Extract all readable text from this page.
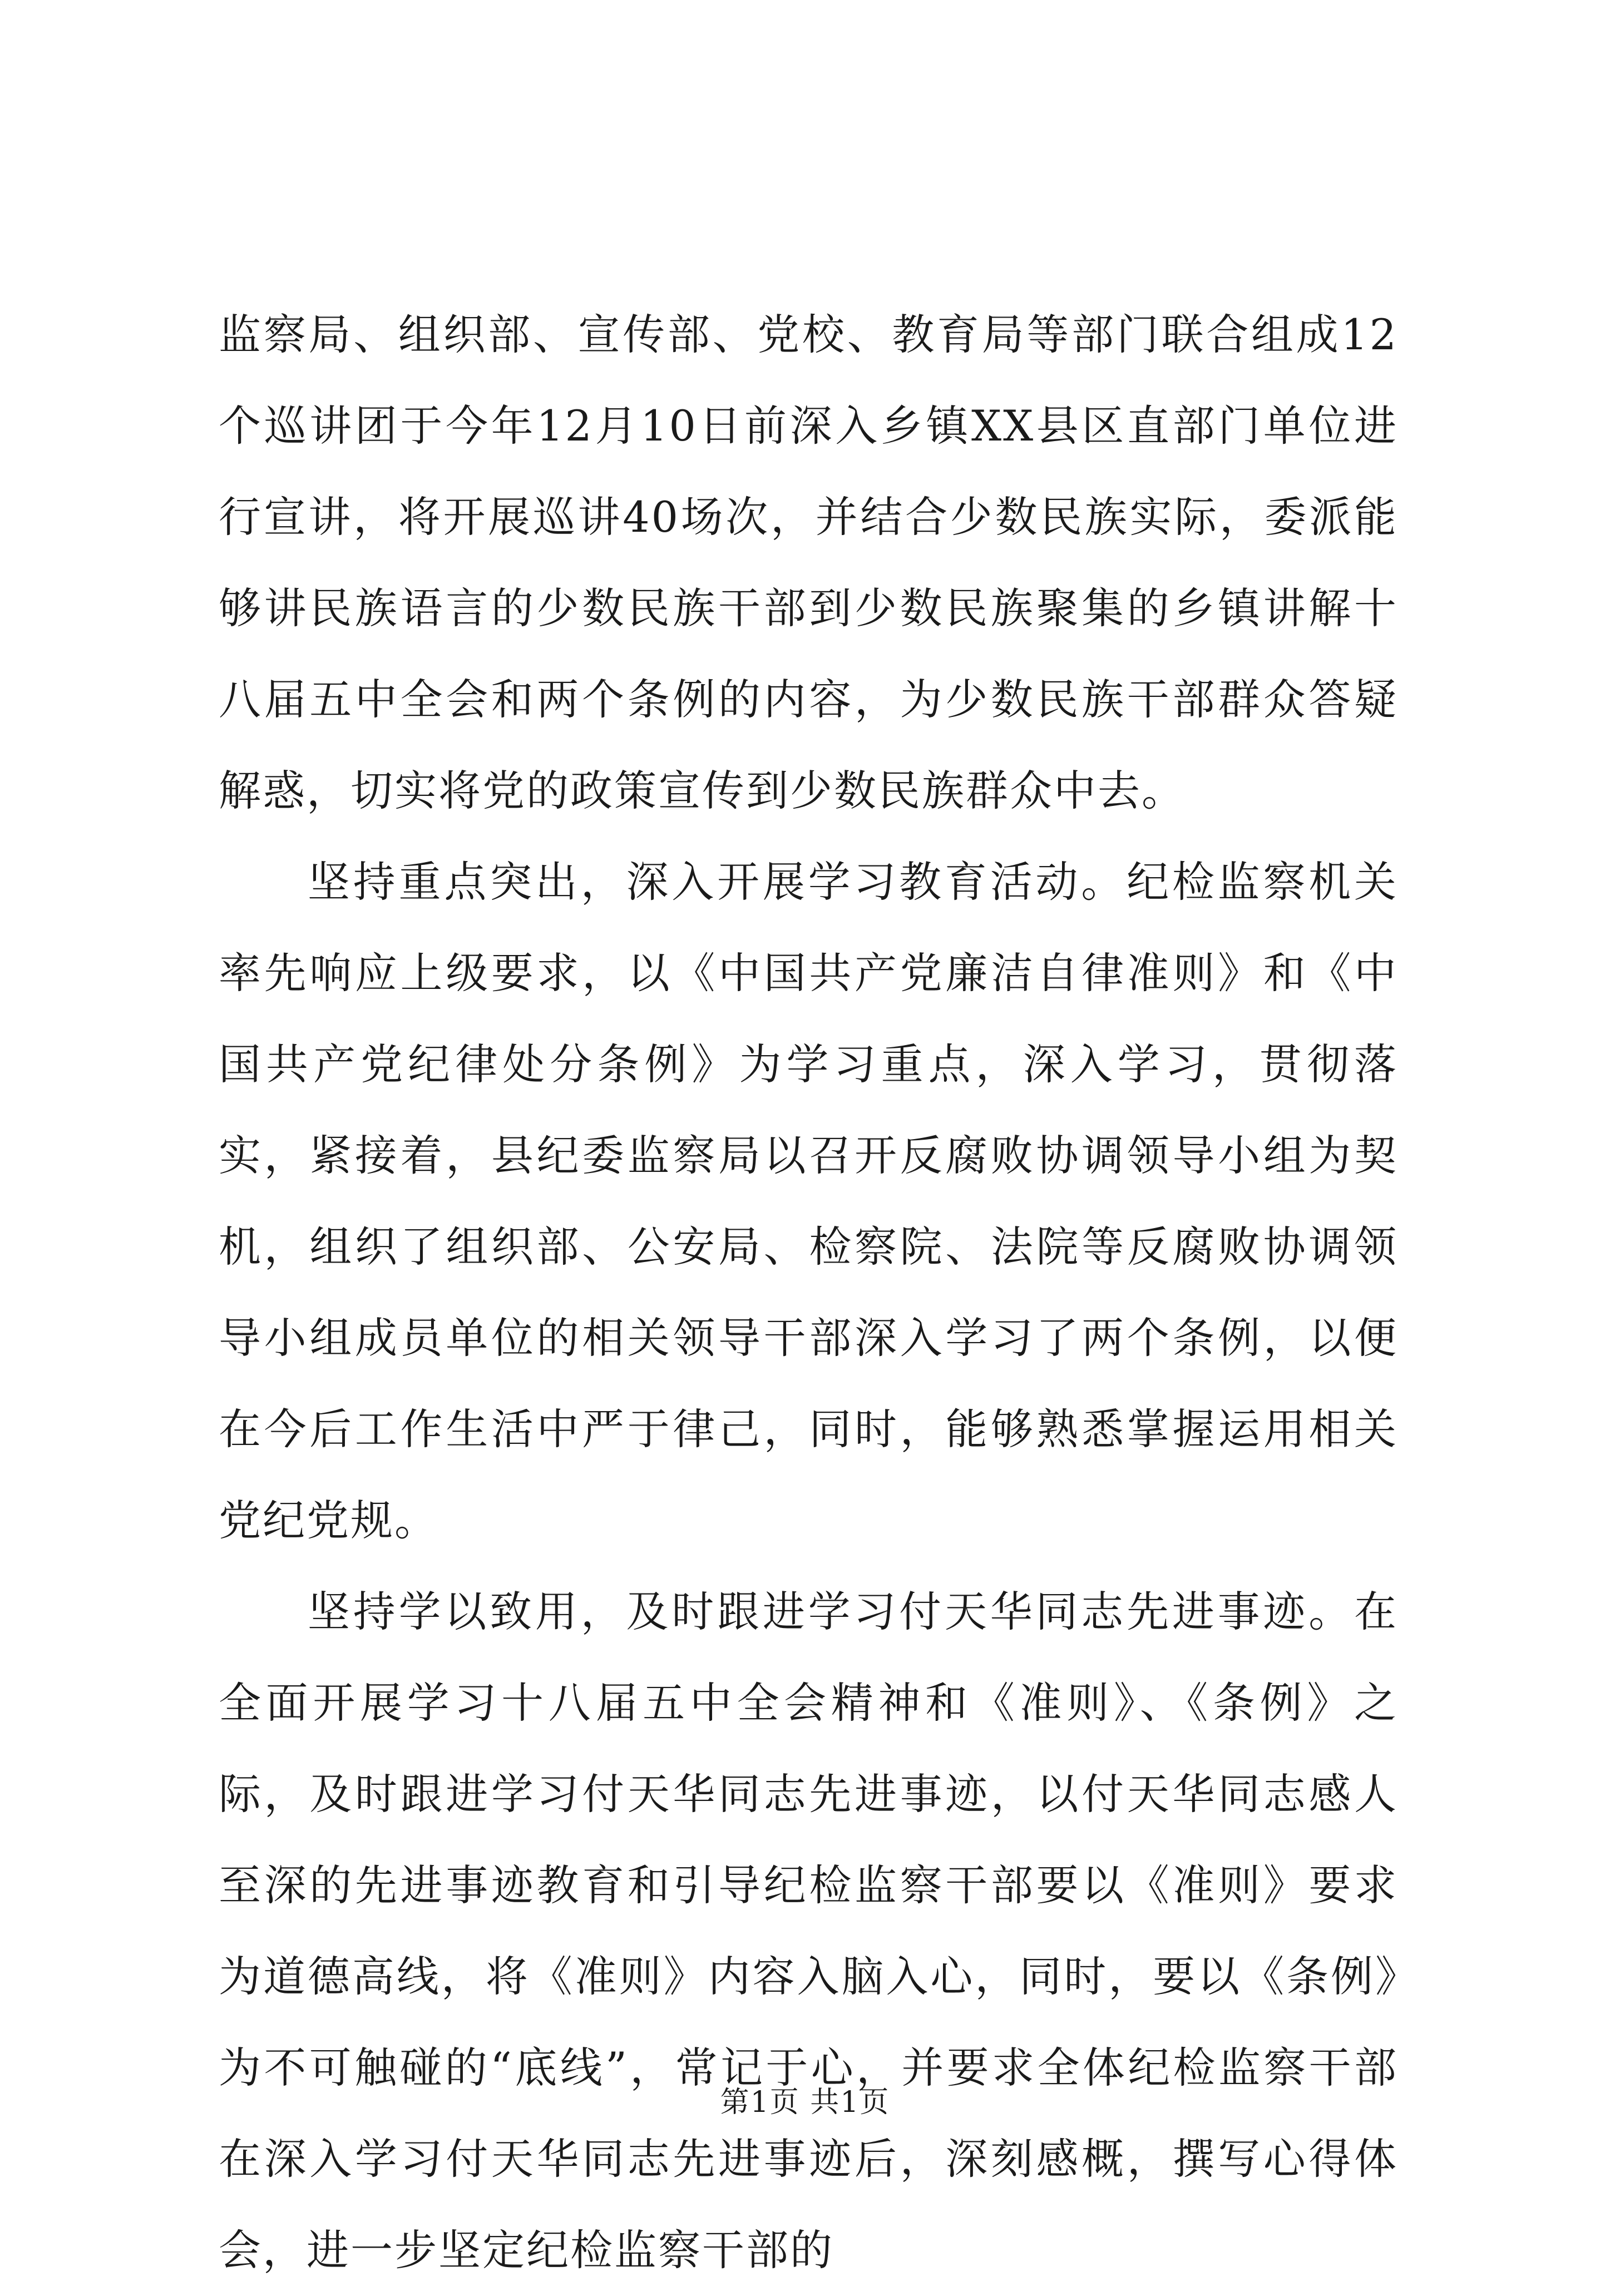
监察局、组织部、宣传部、党校、教育局等部门联合组成12个巡讲团于今年12月10日前深入乡镇XX县区直部门单位进行宣讲，将开展巡讲40场次，并结合少数民族实际，委派能够讲民族语言的少数民族干部到少数民族聚集的乡镇讲解十八届五中全会和两个条例的内容，为少数民族干部群众答疑解惑，切实将党的政策宣传到少数民族群众中去。

坚持重点突出，深入开展学习教育活动。纪检监察机关率先响应上级要求，以《中国共产党廉洁自律准则》和《中国共产党纪律处分条例》为学习重点，深入学习，贯彻落实，紧接着，县纪委监察局以召开反腐败协调领导小组为契机，组织了组织部、公安局、检察院、法院等反腐败协调领导小组成员单位的相关领导干部深入学习了两个条例，以便在今后工作生活中严于律己，同时，能够熟悉掌握运用相关党纪党规。

坚持学以致用，及时跟进学习付天华同志先进事迹。在全面开展学习十八届五中全会精神和《准则》、《条例》之际，及时跟进学习付天华同志先进事迹，以付天华同志感人至深的先进事迹教育和引导纪检监察干部要以《准则》要求为道德高线，将《准则》内容入脑入心，同时，要以《条例》为不可触碰的“底线”，常记于心，并要求全体纪检监察干部在深入学习付天华同志先进事迹后，深刻感概，撰写心得体会，进一步坚定纪检监察干部的

第1页 共1页
